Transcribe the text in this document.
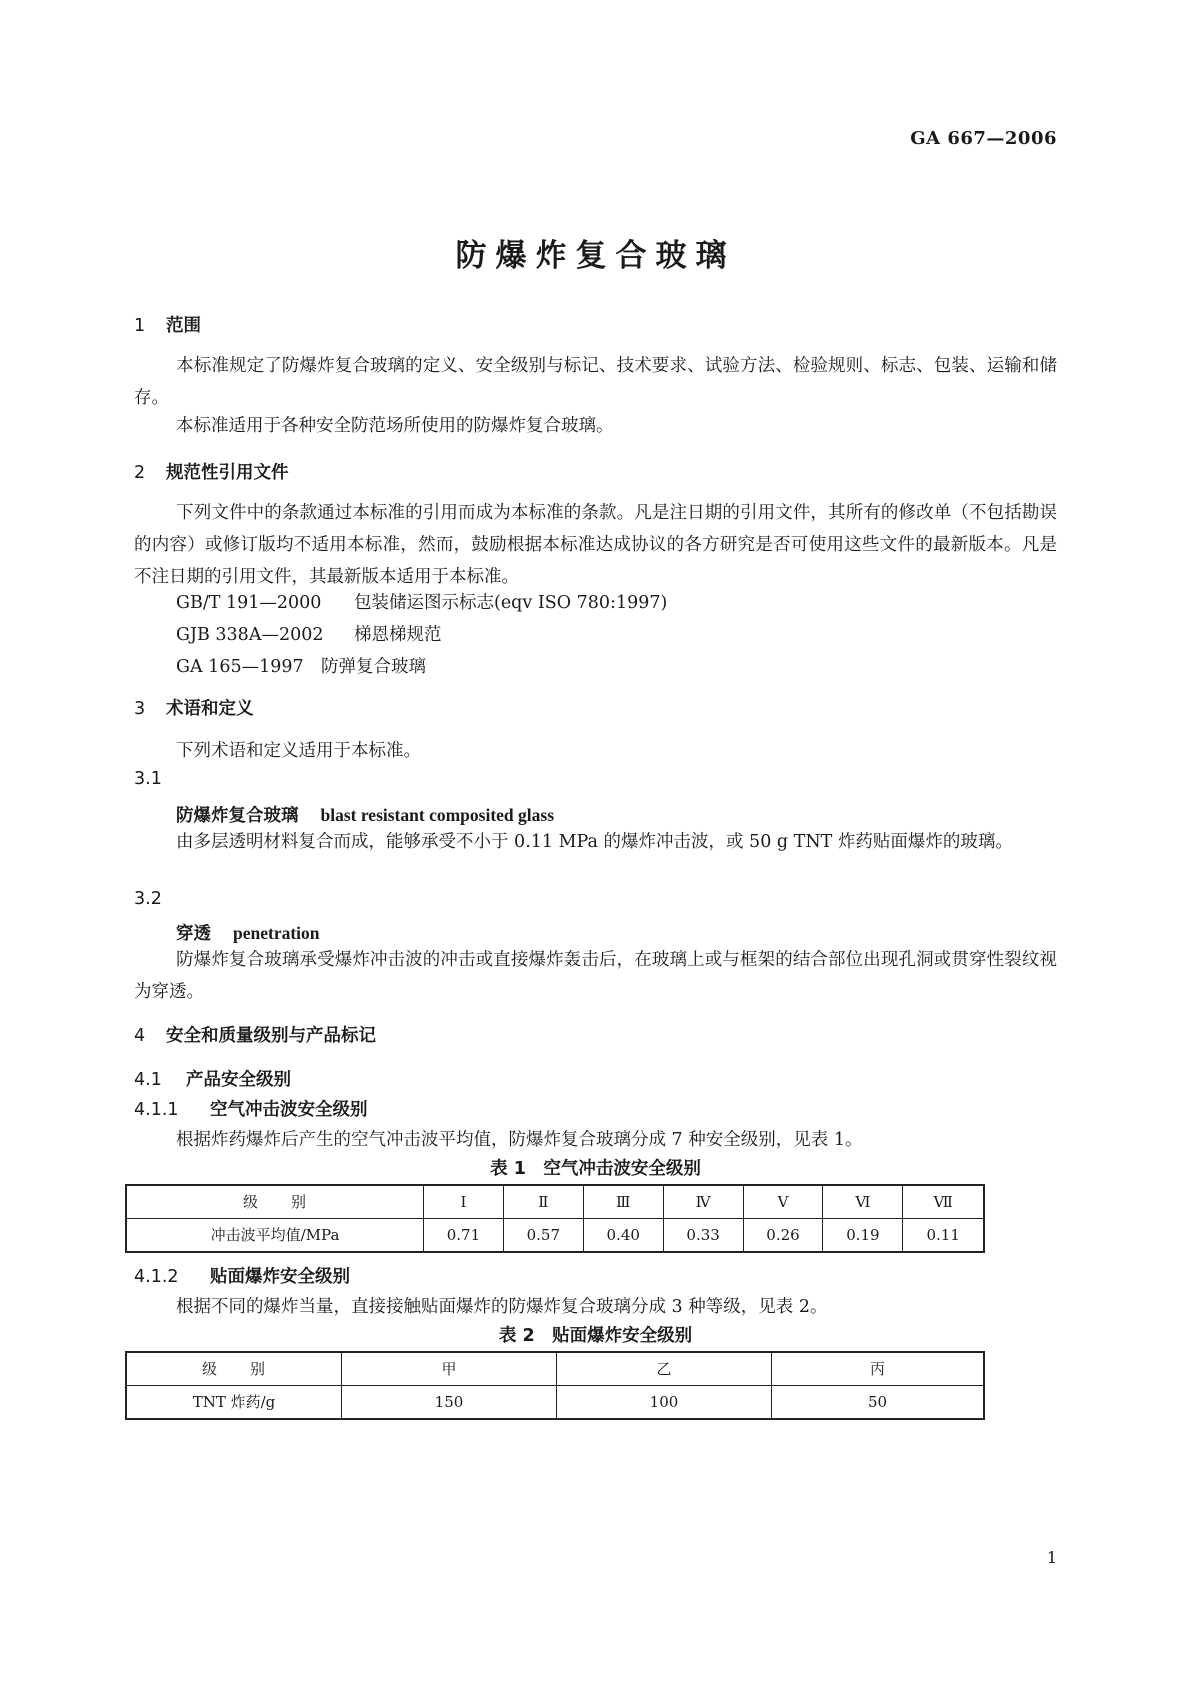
GA 667—2006
防爆炸复合玻璃
1 范围
本标准规定了防爆炸复合玻璃的定义、安全级别与标记、技术要求、试验方法、检验规则、标志、包装、运输和储存。
本标准适用于各种安全防范场所使用的防爆炸复合玻璃。
2 规范性引用文件
下列文件中的条款通过本标准的引用而成为本标准的条款。凡是注日期的引用文件，其所有的修改单（不包括勘误的内容）或修订版均不适用本标准，然而，鼓励根据本标准达成协议的各方研究是否可使用这些文件的最新版本。凡是不注日期的引用文件，其最新版本适用于本标准。
GB/T 191—2000 包装储运图示标志(eqv ISO 780:1997)
GJB 338A—2002 梯恩梯规范
GA 165—1997 防弹复合玻璃
3 术语和定义
下列术语和定义适用于本标准。
3.1
防爆炸复合玻璃 blast resistant composited glass
由多层透明材料复合而成，能够承受不小于 0.11 MPa 的爆炸冲击波，或 50 g TNT 炸药贴面爆炸的玻璃。
3.2
穿透 penetration
防爆炸复合玻璃承受爆炸冲击波的冲击或直接爆炸轰击后，在玻璃上或与框架的结合部位出现孔洞或贯穿性裂纹视为穿透。
4 安全和质量级别与产品标记
4.1 产品安全级别
4.1.1 空气冲击波安全级别
根据炸药爆炸后产生的空气冲击波平均值，防爆炸复合玻璃分成 7 种安全级别，见表 1。
表 1　空气冲击波安全级别
级　　别	Ⅰ	Ⅱ	Ⅲ	Ⅳ	Ⅴ	Ⅵ	Ⅶ
冲击波平均值/MPa	0.71	0.57	0.40	0.33	0.26	0.19	0.11
4.1.2 贴面爆炸安全级别
根据不同的爆炸当量，直接接触贴面爆炸的防爆炸复合玻璃分成 3 种等级，见表 2。
表 2　贴面爆炸安全级别
级　　别	甲	乙	丙
TNT 炸药/g	150	100	50
1
